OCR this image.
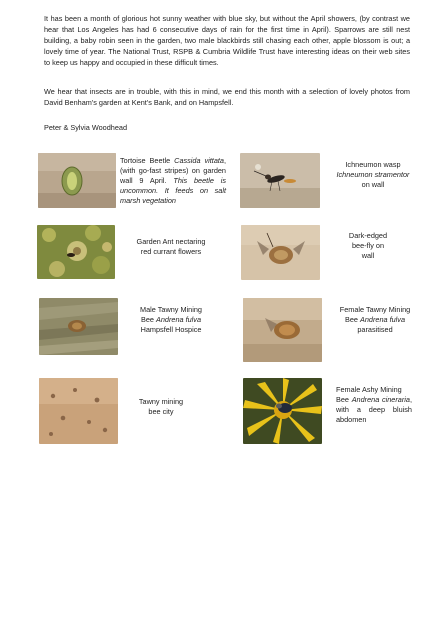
It has been a month of glorious hot sunny weather with blue sky, but without the April showers, (by contrast we hear that Los Angeles has had 6 consecutive days of rain for the first time in April). Sparrows are still nest building, a baby robin seen in the garden, two male blackbirds still chasing each other, apple blossom is out; a lovely time of year. The National Trust, RSPB & Cumbria Wildlife Trust have interesting ideas on their web sites to keep us happy and occupied in these difficult times.

We hear that insects are in trouble, with this in mind, we end this month with a selection of lovely photos from David Benham's garden at Kent's Bank, and on Hampsfell.

Peter & Sylvia Woodhead

Tortoise Beetle Cassida vittata, (with go-fast stripes) on garden wall 9 April. This beetle is uncommon. It feeds on salt marsh vegetation

Ichneumon wasp
Ichneumon stramentor
on wall

Garden Ant nectaring
red currant flowers

Dark-edged
bee-fly on
wall

Male Tawny Mining
Bee Andrena fulva
Hampsfell Hospice

Female Tawny Mining
Bee Andrena fulva
parasitised

Tawny mining
bee city

Female Ashy Mining
Bee Andrena cineraria, with a deep bluish abdomen
